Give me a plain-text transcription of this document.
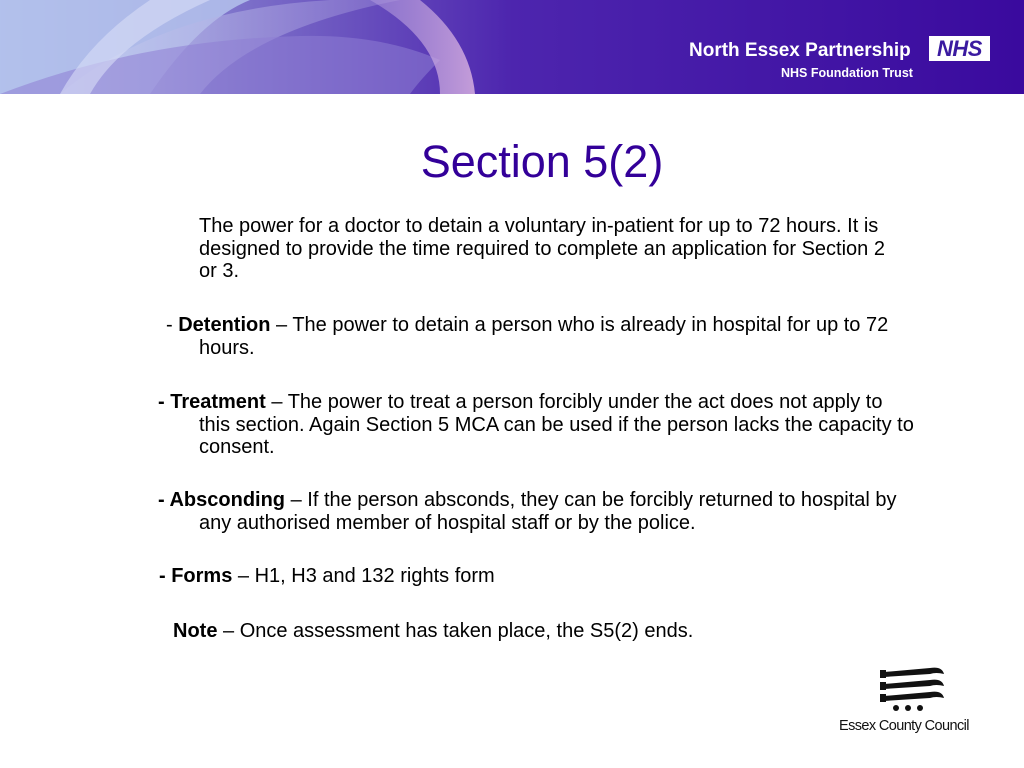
North Essex Partnership
NHS Foundation Trust
NHS
Section 5(2)

The power for a doctor to detain a voluntary in-patient for up to 72 hours. It is designed to provide the time required to complete an application for Section 2 or 3.

- Detention – The power to detain a person who is already in hospital for up to 72 hours.

- Treatment – The power to treat a person forcibly under the act does not apply to this section. Again Section 5 MCA can be used if the person lacks the capacity to consent.

- Absconding – If the person absconds, they can be forcibly returned to hospital by any authorised member of hospital staff or by the police.

- Forms – H1, H3 and 132 rights form

Note – Once assessment has taken place, the S5(2) ends.

Essex County Council
